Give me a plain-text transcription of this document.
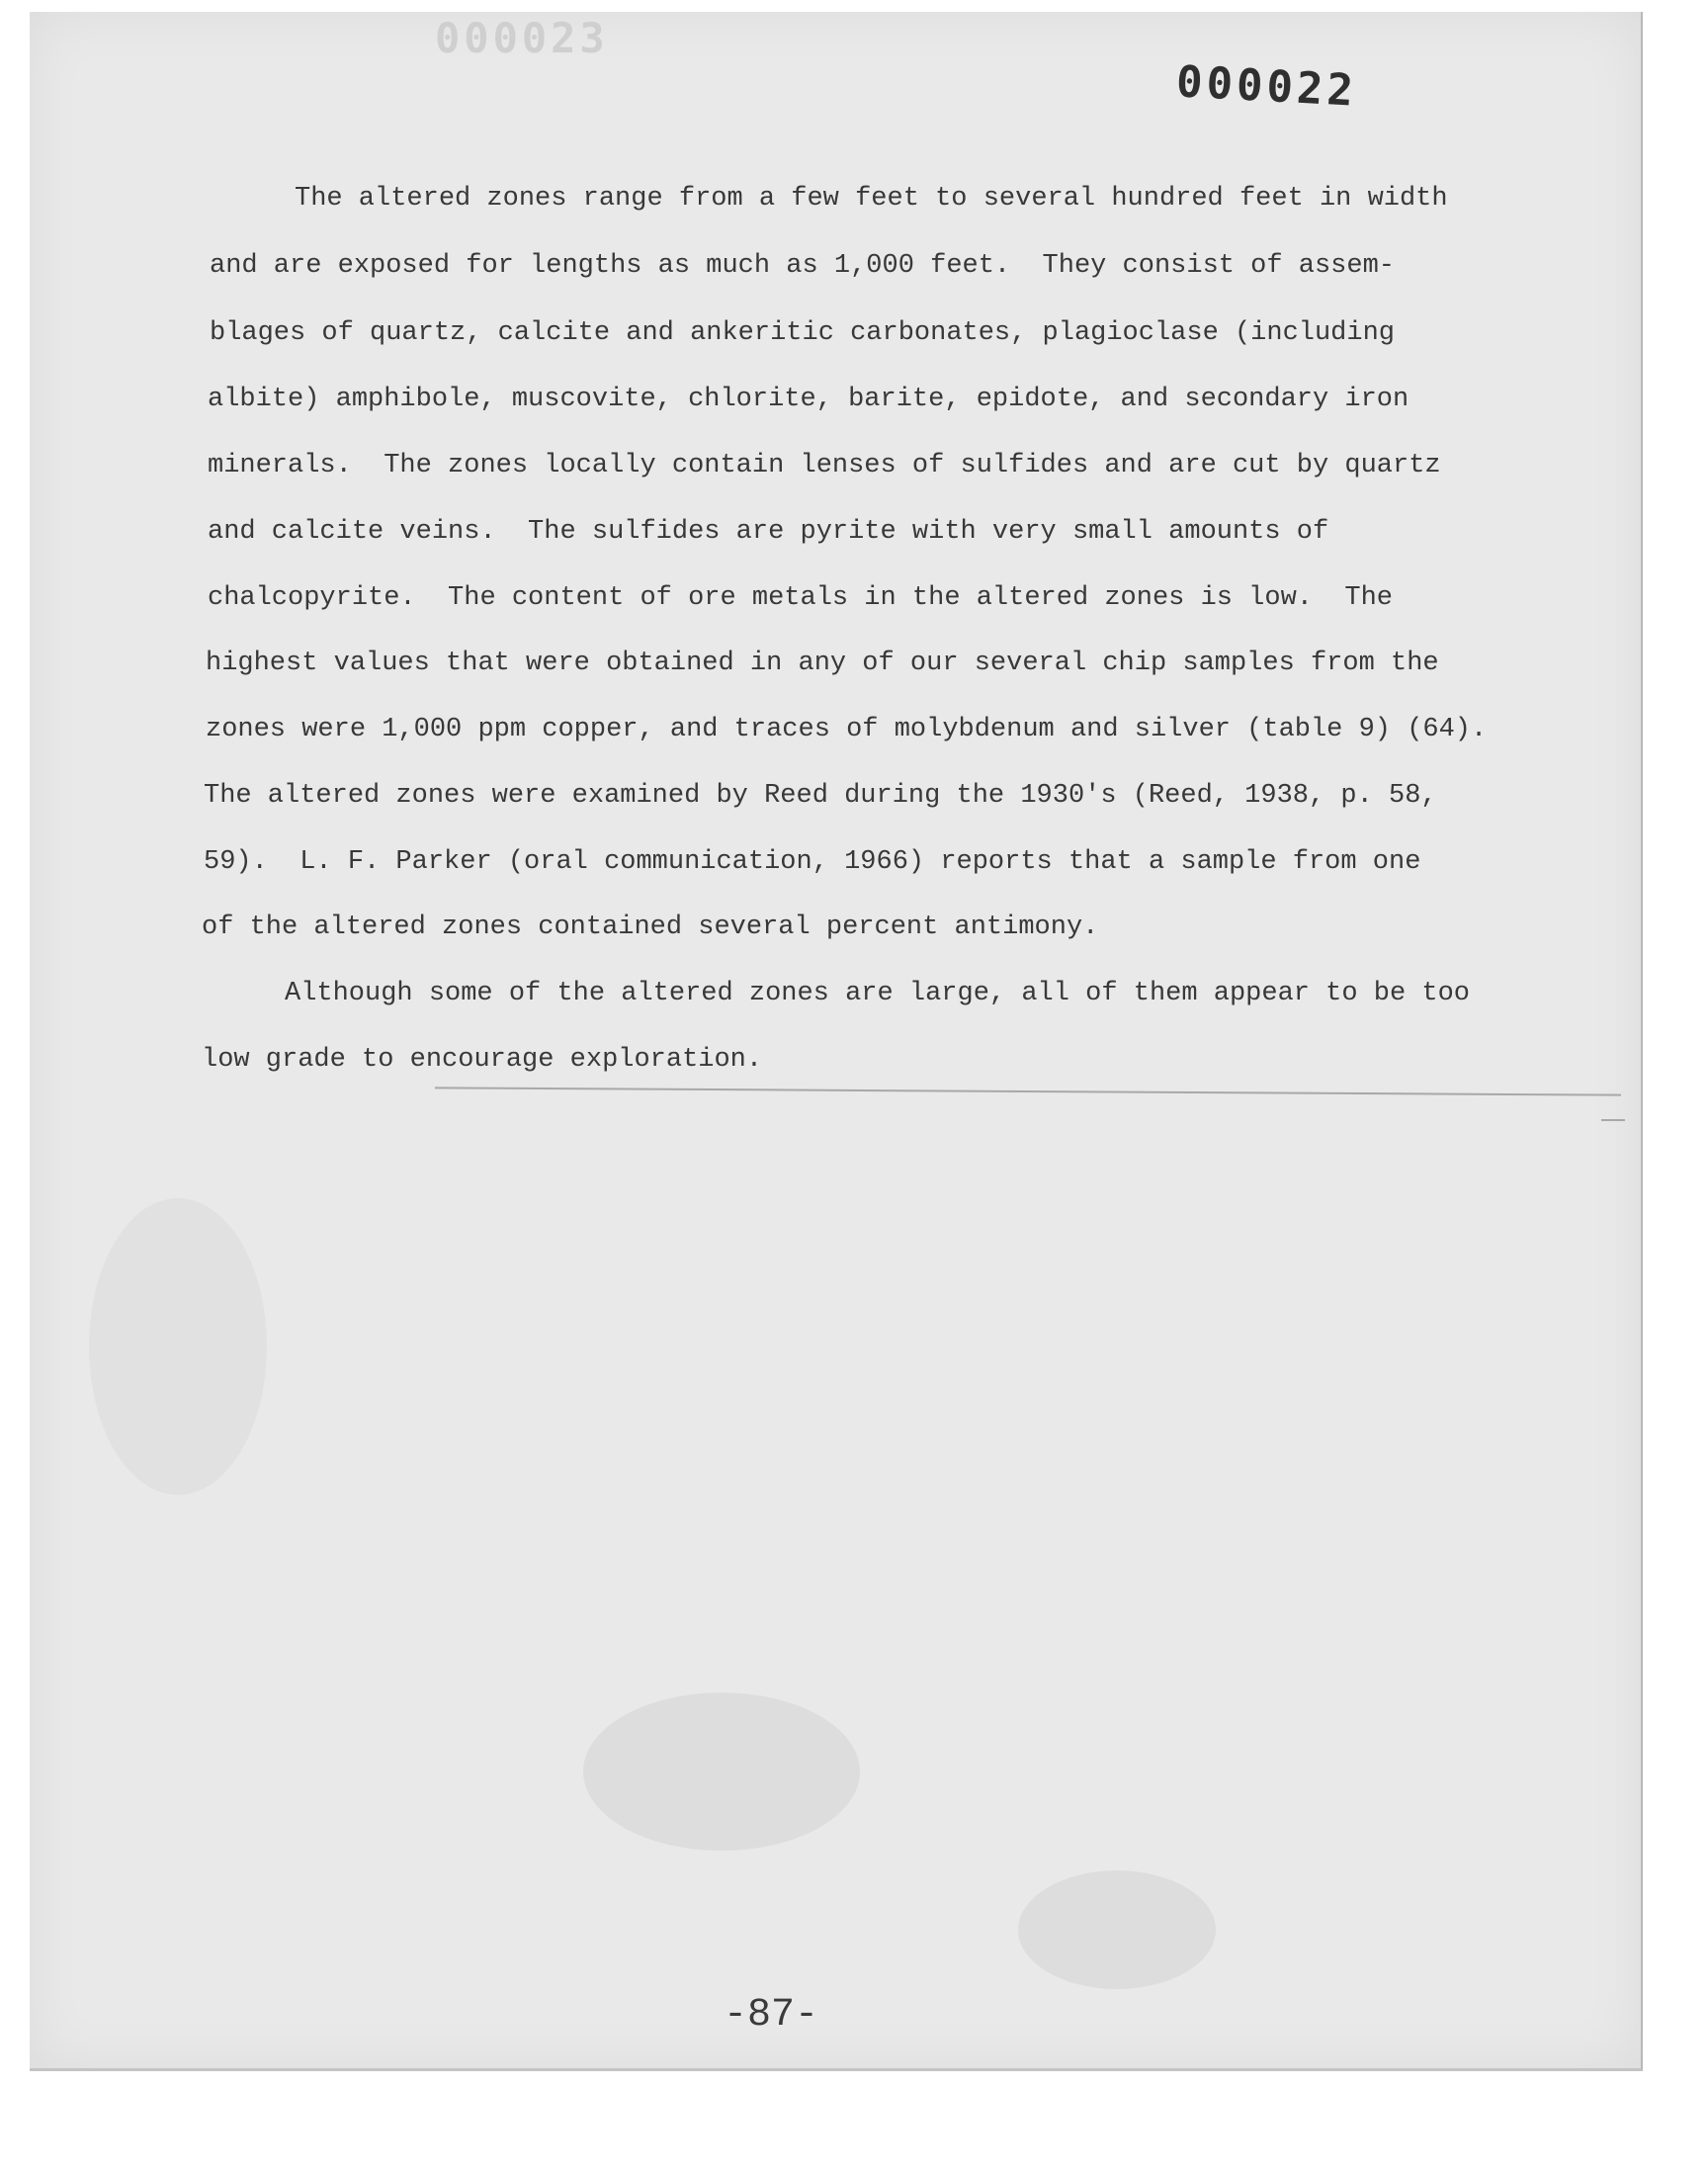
000023
000022

The altered zones range from a few feet to several hundred feet in width

and are exposed for lengths as much as 1,000 feet.  They consist of assem-

blages of quartz, calcite and ankeritic carbonates, plagioclase (including

albite) amphibole, muscovite, chlorite, barite, epidote, and secondary iron

minerals.  The zones locally contain lenses of sulfides and are cut by quartz

and calcite veins.  The sulfides are pyrite with very small amounts of

chalcopyrite.  The content of ore metals in the altered zones is low.  The

highest values that were obtained in any of our several chip samples from the

zones were 1,000 ppm copper, and traces of molybdenum and silver (table 9) (64).

The altered zones were examined by Reed during the 1930's (Reed, 1938, p. 58,

59).  L. F. Parker (oral communication, 1966) reports that a sample from one

of the altered zones contained several percent antimony.

Although some of the altered zones are large, all of them appear to be too

low grade to encourage exploration.

-87-
